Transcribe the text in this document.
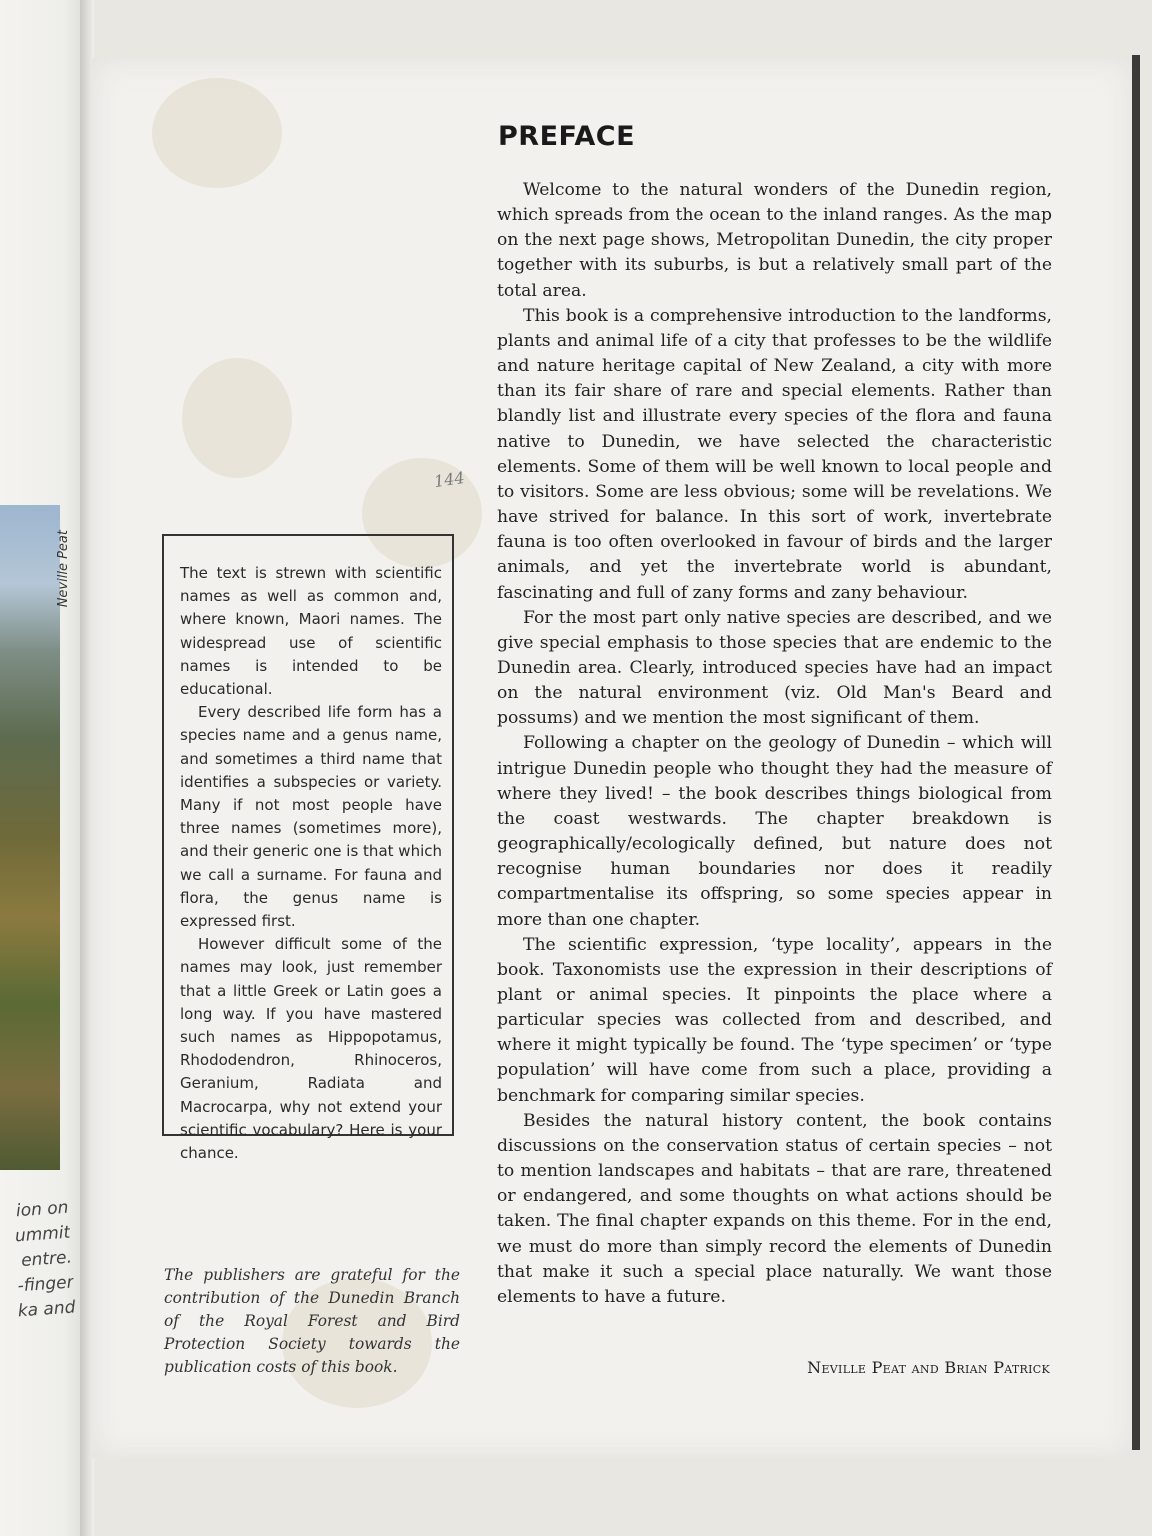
Neville Peat
ion on
ummit
entre.
-finger
ka and
PREFACE
144

The text is strewn with scientific names as well as common and, where known, Maori names. The widespread use of scientific names is intended to be educational.

Every described life form has a species name and a genus name, and sometimes a third name that identifies a subspecies or variety. Many if not most people have three names (sometimes more), and their generic one is that which we call a surname. For fauna and flora, the genus name is expressed first.

However difficult some of the names may look, just remember that a little Greek or Latin goes a long way. If you have mastered such names as Hippopotamus, Rhododendron, Rhinoceros, Geranium, Radiata and Macrocarpa, why not extend your scientific vocabulary? Here is your chance.

The publishers are grateful for the contribution of the Dunedin Branch of the Royal Forest and Bird Protection Society towards the publication costs of this book.

Welcome to the natural wonders of the Dunedin region, which spreads from the ocean to the inland ranges. As the map on the next page shows, Metropolitan Dunedin, the city proper together with its suburbs, is but a relatively small part of the total area.

This book is a comprehensive introduction to the landforms, plants and animal life of a city that professes to be the wildlife and nature heritage capital of New Zealand, a city with more than its fair share of rare and special elements. Rather than blandly list and illustrate every species of the flora and fauna native to Dunedin, we have selected the characteristic elements. Some of them will be well known to local people and to visitors. Some are less obvious; some will be revelations. We have strived for balance. In this sort of work, invertebrate fauna is too often overlooked in favour of birds and the larger animals, and yet the invertebrate world is abundant, fascinating and full of zany forms and zany behaviour.

For the most part only native species are described, and we give special emphasis to those species that are endemic to the Dunedin area. Clearly, introduced species have had an impact on the natural environment (viz. Old Man's Beard and possums) and we mention the most significant of them.

Following a chapter on the geology of Dunedin – which will intrigue Dunedin people who thought they had the measure of where they lived! – the book describes things biological from the coast westwards. The chapter breakdown is geographically/ecologically defined, but nature does not recognise human boundaries nor does it readily compartmentalise its offspring, so some species appear in more than one chapter.

The scientific expression, ‘type locality’, appears in the book. Taxonomists use the expression in their descriptions of plant or animal species. It pinpoints the place where a particular species was collected from and described, and where it might typically be found. The ‘type specimen’ or ‘type population’ will have come from such a place, providing a benchmark for comparing similar species.

Besides the natural history content, the book contains discussions on the conservation status of certain species – not to mention landscapes and habitats – that are rare, threatened or endangered, and some thoughts on what actions should be taken. The final chapter expands on this theme. For in the end, we must do more than simply record the elements of Dunedin that make it such a special place naturally. We want those elements to have a future.

Neville Peat and Brian Patrick
